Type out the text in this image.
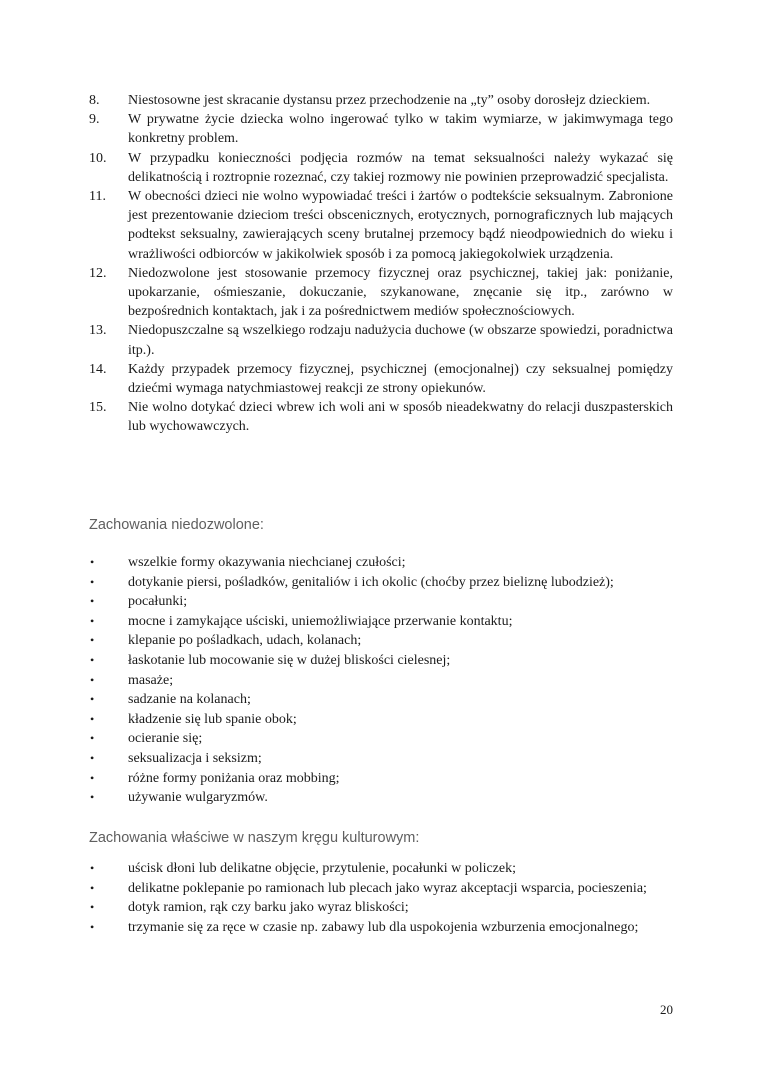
8.	Niestosowne jest skracanie dystansu przez przechodzenie na „ty” osoby dorosłejz dzieckiem.
9.	W prywatne życie dziecka wolno ingerować tylko w takim wymiarze, w jakimwymaga tego konkretny problem.
10.	W przypadku konieczności podjęcia rozmów na temat seksualności należy wykazać się delikatnością i roztropnie rozeznać, czy takiej rozmowy nie powinien przeprowadzić specjalista.
11.	W obecności dzieci nie wolno wypowiadać treści i żartów o podtekście seksualnym. Zabronione jest prezentowanie dzieciom treści obscenicznych, erotycznych, pornograficznych lub mających podtekst seksualny, zawierających sceny brutalnej przemocy bądź nieodpowiednich do wieku i wrażliwości odbiorców w jakikolwiek sposób i za pomocą jakiegokolwiek urządzenia.
12.	Niedozwolone jest stosowanie przemocy fizycznej oraz psychicznej, takiej jak: poniżanie, upokarzanie, ośmieszanie, dokuczanie, szykanowane, znęcanie się itp., zarówno w bezpośrednich kontaktach, jak i za pośrednictwem mediów społecznościowych.
13.	Niedopuszczalne są wszelkiego rodzaju nadużycia duchowe (w obszarze spowiedzi, poradnictwa itp.).
14.	Każdy przypadek przemocy fizycznej, psychicznej (emocjonalnej) czy seksualnej pomiędzy dziećmi wymaga natychmiastowej reakcji ze strony opiekunów.
15.	Nie wolno dotykać dzieci wbrew ich woli ani w sposób nieadekwatny do relacji duszpasterskich lub wychowawczych.
Zachowania niedozwolone:
•	wszelkie formy okazywania niechcianej czułości;
•	dotykanie piersi, pośladków, genitaliów i ich okolic (choćby przez bieliznę lubodzież);
•	pocałunki;
•	mocne i zamykające uściski, uniemożliwiające przerwanie kontaktu;
•	klepanie po pośladkach, udach, kolanach;
•	łaskotanie lub mocowanie się w dużej bliskości cielesnej;
•	masaże;
•	sadzanie na kolanach;
•	kładzenie się lub spanie obok;
•	ocieranie się;
•	seksualizacja i seksizm;
•	różne formy poniżania oraz mobbing;
•	używanie wulgaryzmów.
Zachowania właściwe w naszym kręgu kulturowym:
•	uścisk dłoni lub delikatne objęcie, przytulenie, pocałunki w policzek;
•	delikatne poklepanie po ramionach lub plecach jako wyraz akceptacji wsparcia, pocieszenia;
•	dotyk ramion, rąk czy barku jako wyraz bliskości;
•	trzymanie się za ręce w czasie np. zabawy lub dla uspokojenia wzburzenia emocjonalnego;
20
